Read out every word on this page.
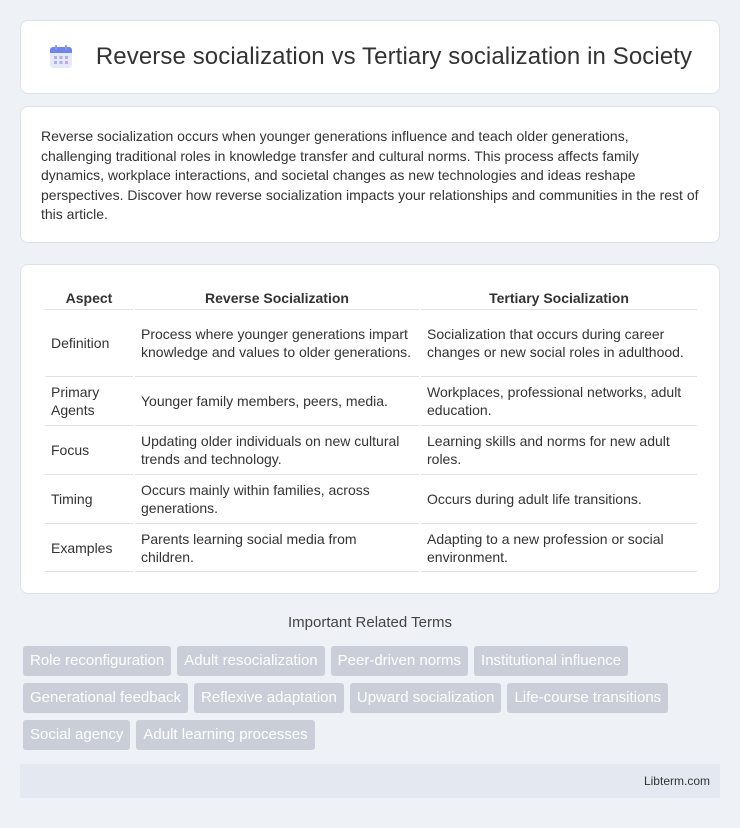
Reverse socialization vs Tertiary socialization in Society

Reverse socialization occurs when younger generations influence and teach older generations, challenging traditional roles in knowledge transfer and cultural norms. This process affects family dynamics, workplace interactions, and societal changes as new technologies and ideas reshape perspectives. Discover how reverse socialization impacts your relationships and communities in the rest of this article.

Aspect	Reverse Socialization	Tertiary Socialization
Definition	Process where younger generations impart knowledge and values to older generations.	Socialization that occurs during career changes or new social roles in adulthood.
Primary Agents	Younger family members, peers, media.	Workplaces, professional networks, adult education.
Focus	Updating older individuals on new cultural trends and technology.	Learning skills and norms for new adult roles.
Timing	Occurs mainly within families, across generations.	Occurs during adult life transitions.
Examples	Parents learning social media from children.	Adapting to a new profession or social environment.
Important Related Terms
Role reconfiguration	Adult resocialization	Peer-driven norms	Institutional influence
Generational feedback	Reflexive adaptation	Upward socialization	Life-course transitions
Social agency	Adult learning processes
Libterm.com
